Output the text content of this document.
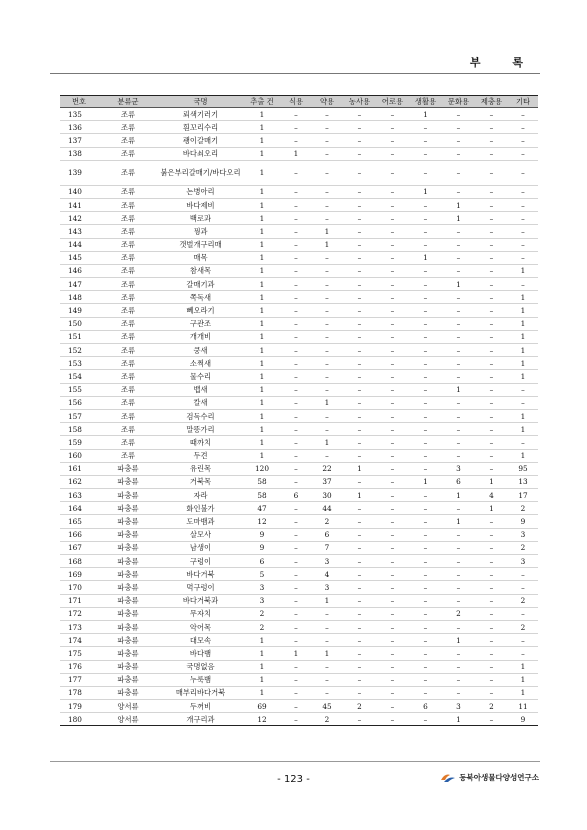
부 록
번호	분류군	국명	추출 건	식용	약용	농사용	어로용	생활용	문화용	제충용	기타
135	조류	뢰색기러기	1	–	–	–	–	1	–	–	–
136	조류	흰꼬리수리	1	–	–	–	–	–	–	–	–
137	조류	괭이갈매기	1	–	–	–	–	–	–	–	–
138	조류	바다쇠오리	1	1	–	–	–	–	–	–	–
139	조류	붉은부리갈매기/바다오리	1	–	–	–	–	–	–	–	–
140	조류	논병아리	1	–	–	–	–	1	–	–	–
141	조류	바다제비	1	–	–	–	–	–	1	–	–
142	조류	백로과	1	–	–	–	–	–	1	–	–
143	조류	꿩과	1	–	1	–	–	–	–	–	–
144	조류	갯벌개구리매	1	–	1	–	–	–	–	–	–
145	조류	매목	1	–	–	–	–	1	–	–	–
146	조류	참새목	1	–	–	–	–	–	–	–	1
147	조류	갈매기과	1	–	–	–	–	–	1	–	–
148	조류	쪽독새	1	–	–	–	–	–	–	–	1
149	조류	뻬오라기	1	–	–	–	–	–	–	–	1
150	조류	구관조	1	–	–	–	–	–	–	–	1
151	조류	개개비	1	–	–	–	–	–	–	–	1
152	조류	쿵새	1	–	–	–	–	–	–	–	1
153	조류	소쩍새	1	–	–	–	–	–	–	–	1
154	조류	물수리	1	–	–	–	–	–	–	–	1
155	조류	뱁새	1	–	–	–	–	–	1	–	–
156	조류	칼새	1	–	1	–	–	–	–	–	–
157	조류	검독수리	1	–	–	–	–	–	–	–	1
158	조류	말똥가리	1	–	–	–	–	–	–	–	1
159	조류	때까치	1	–	1	–	–	–	–	–	–
160	조류	두견	1	–	–	–	–	–	–	–	1
161	파충류	유린목	120	–	22	1	–	–	3	–	95
162	파충류	거북목	58	–	37	–	–	1	6	1	13
163	파충류	자라	58	6	30	1	–	–	1	4	17
164	파충류	화인불가	47	–	44	–	–	–	–	1	2
165	파충류	도마뱀과	12	–	2	–	–	–	1	–	9
166	파충류	살모사	9	–	6	–	–	–	–	–	3
167	파충류	남생이	9	–	7	–	–	–	–	–	2
168	파충류	구렁이	6	–	3	–	–	–	–	–	3
169	파충류	바다거북	5	–	4	–	–	–	–	–	–
170	파충류	먹구렁이	3	–	3	–	–	–	–	–	–
171	파충류	바다거북과	3	–	1	–	–	–	–	–	2
172	파충류	무자치	2	–	–	–	–	–	2	–	–
173	파충류	악어목	2	–	–	–	–	–	–	–	2
174	파충류	대모속	1	–	–	–	–	–	1	–	–
175	파충류	바다뱀	1	1	1	–	–	–	–	–	–
176	파충류	국명없음	1	–	–	–	–	–	–	–	1
177	파충류	누룩뱀	1	–	–	–	–	–	–	–	1
178	파충류	매부리바다거북	1	–	–	–	–	–	–	–	1
179	양서류	두꺼비	69	–	45	2	–	6	3	2	11
180	양서류	개구리과	12	–	2	–	–	–	1	–	9
- 123 -	동북아생물다양성연구소
